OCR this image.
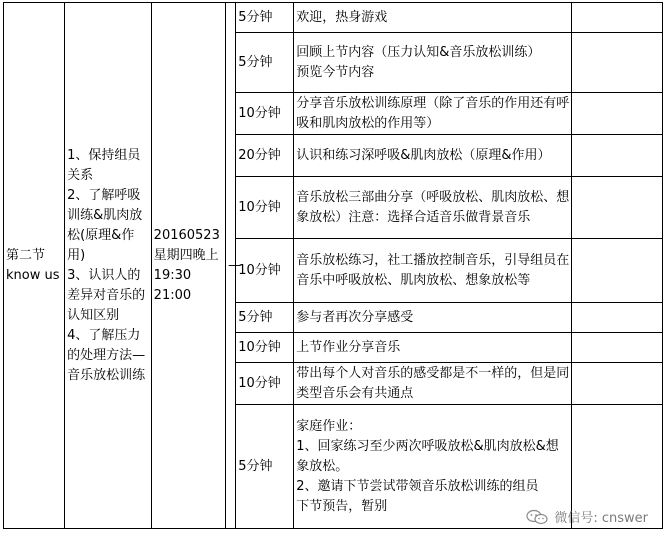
第二节
know us	1、保持组员关系
2、了解呼吸训练&肌肉放松(原理&作用)
3、认识人的差异对音乐的认知区别
4、了解压力的处理方法—音乐放松训练	20160523
星期四晚上
19:30
21:00	—	5分钟	欢迎，热身游戏	

				5分钟	回顾上节内容（压力认知&音乐放松训练）
预览今节内容	

				10分钟	分享音乐放松训练原理（除了音乐的作用还有呼吸和肌肉放松的作用等）	

				20分钟	认识和练习深呼吸&肌肉放松（原理&作用）	

				10分钟	音乐放松三部曲分享（呼吸放松、肌肉放松、想象放松）注意：选择合适音乐做背景音乐	

				10分钟	音乐放松练习，社工播放控制音乐，引导组员在音乐中呼吸放松、肌肉放松、想象放松等	

				5分钟	参与者再次分享感受	

				10分钟	上节作业分享音乐	

				10分钟	带出每个人对音乐的感受都是不一样的，但是同类型音乐会有共通点	

				5分钟	家庭作业：
1、回家练习至少两次呼吸放松&肌肉放松&想象放松。
2、邀请下节尝试带领音乐放松训练的组员
下节预告，暂别	

微信号: cnswer
